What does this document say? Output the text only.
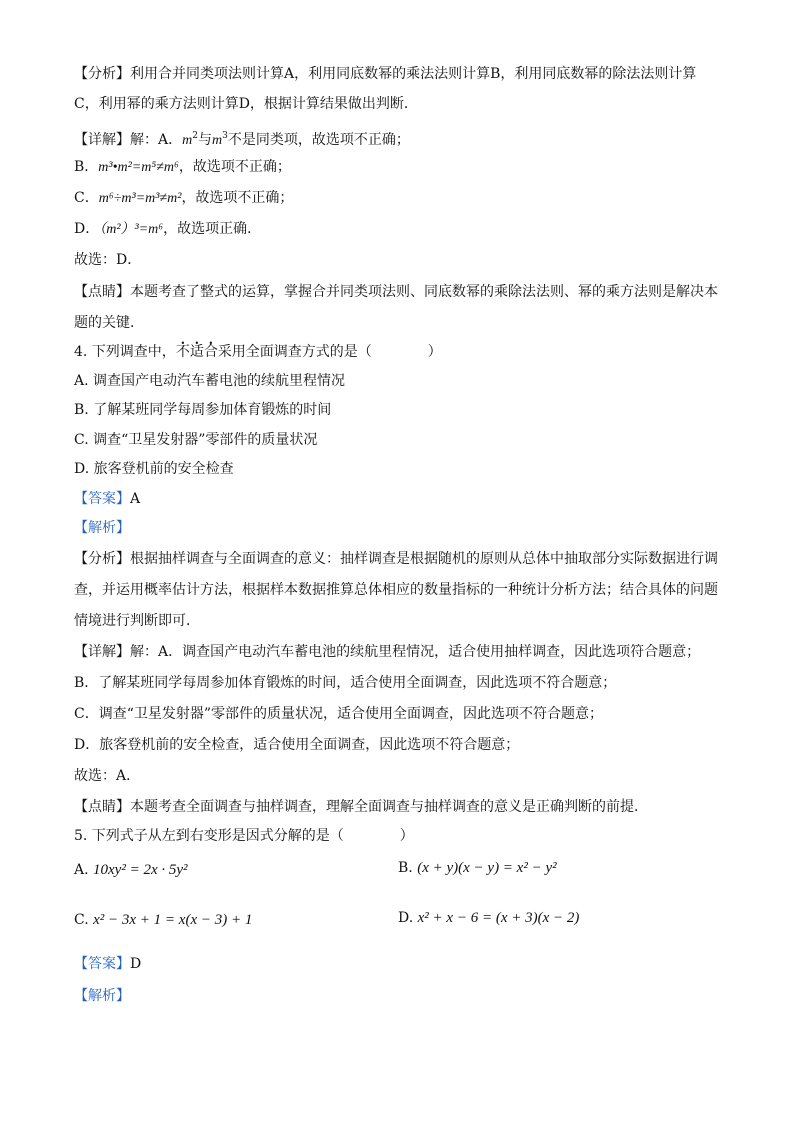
【分析】利用合并同类项法则计算A，利用同底数幂的乘法法则计算B，利用同底数幂的除法法则计算
C，利用幂的乘方法则计算D，根据计算结果做出判断．
【详解】解：A．$m^2$与$m^3$不是同类项，故选项不正确；
B．m³•m²=m⁵≠m⁶，故选项不正确；
C．m⁶÷m³=m³≠m²，故选项不正确；
D．（m²）³=m⁶，故选项正确．
故选：D．
【点睛】本题考查了整式的运算，掌握合并同类项法则、同底数幂的乘除法法则、幂的乘方法则是解决本
题的关键．
4. 下列调查中，不适合采用全面调查方式的是（　　　　）
A. 调查国产电动汽车蓄电池的续航里程情况
B. 了解某班同学每周参加体育锻炼的时间
C. 调查“卫星发射器”零部件的质量状况
D. 旅客登机前的安全检查
【答案】A
【解析】
【分析】根据抽样调查与全面调查的意义：抽样调查是根据随机的原则从总体中抽取部分实际数据进行调
查，并运用概率估计方法，根据样本数据推算总体相应的数量指标的一种统计分析方法；结合具体的问题
情境进行判断即可．
【详解】解：A．调查国产电动汽车蓄电池的续航里程情况，适合使用抽样调查，因此选项符合题意；
B．了解某班同学每周参加体育锻炼的时间，适合使用全面调查，因此选项不符合题意；
C．调查“卫星发射器”零部件的质量状况，适合使用全面调查，因此选项不符合题意；
D．旅客登机前的安全检查，适合使用全面调查，因此选项不符合题意；
故选：A．
【点睛】本题考查全面调查与抽样调查，理解全面调查与抽样调查的意义是正确判断的前提．
5. 下列式子从左到右变形是因式分解的是（　　　　）
A. 10xy² = 2x · 5y²	B. (x + y)(x − y) = x² − y²
C. x² − 3x + 1 = x(x − 3) + 1	D. x² + x − 6 = (x + 3)(x − 2)
【答案】D
【解析】
